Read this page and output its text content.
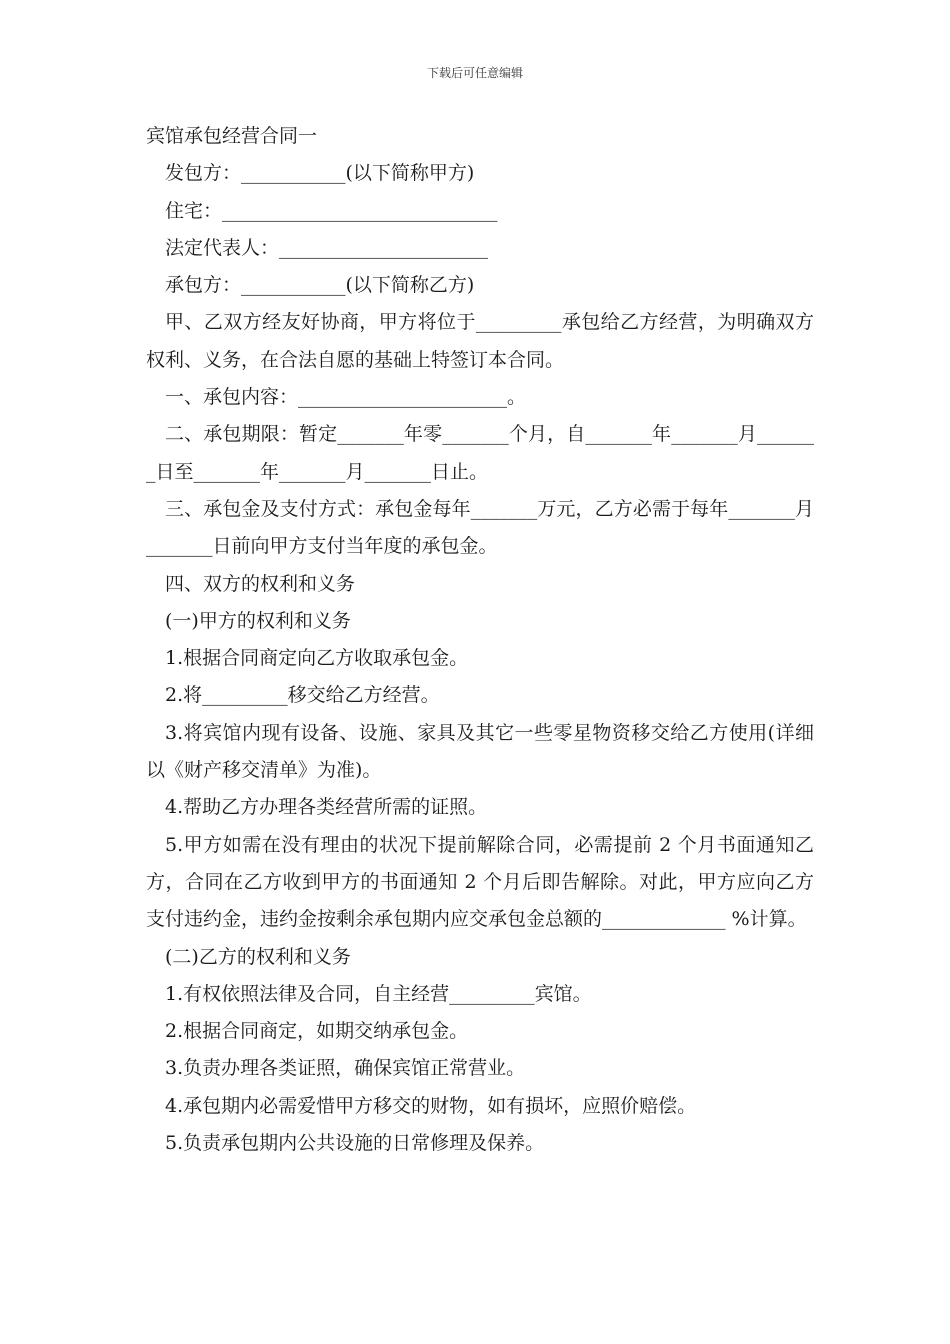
下载后可任意编辑

宾馆承包经营合同一

发包方：___________(以下简称甲方)

住宅：_____________________________

法定代表人：______________________

承包方：___________(以下简称乙方)

甲、乙双方经友好协商，甲方将位于_________承包给乙方经营，为明确双方权利、义务，在合法自愿的基础上特签订本合同。

一、承包内容：______________________。

二、承包期限：暂定_______年零_______个月，自_______年_______月_______日至_______年_______月_______日止。

三、承包金及支付方式：承包金每年_______万元，乙方必需于每年_______月_______日前向甲方支付当年度的承包金。

四、双方的权利和义务

(一)甲方的权利和义务

1.根据合同商定向乙方收取承包金。

2.将_________移交给乙方经营。

3.将宾馆内现有设备、设施、家具及其它一些零星物资移交给乙方使用(详细以《财产移交清单》为准)。

4.帮助乙方办理各类经营所需的证照。

5.甲方如需在没有理由的状况下提前解除合同，必需提前 2 个月书面通知乙方，合同在乙方收到甲方的书面通知 2 个月后即告解除。对此，甲方应向乙方支付违约金，违约金按剩余承包期内应交承包金总额的_____________ %计算。

(二)乙方的权利和义务

1.有权依照法律及合同，自主经营_________宾馆。

2.根据合同商定，如期交纳承包金。

3.负责办理各类证照，确保宾馆正常营业。

4.承包期内必需爱惜甲方移交的财物，如有损坏，应照价赔偿。

5.负责承包期内公共设施的日常修理及保养。
